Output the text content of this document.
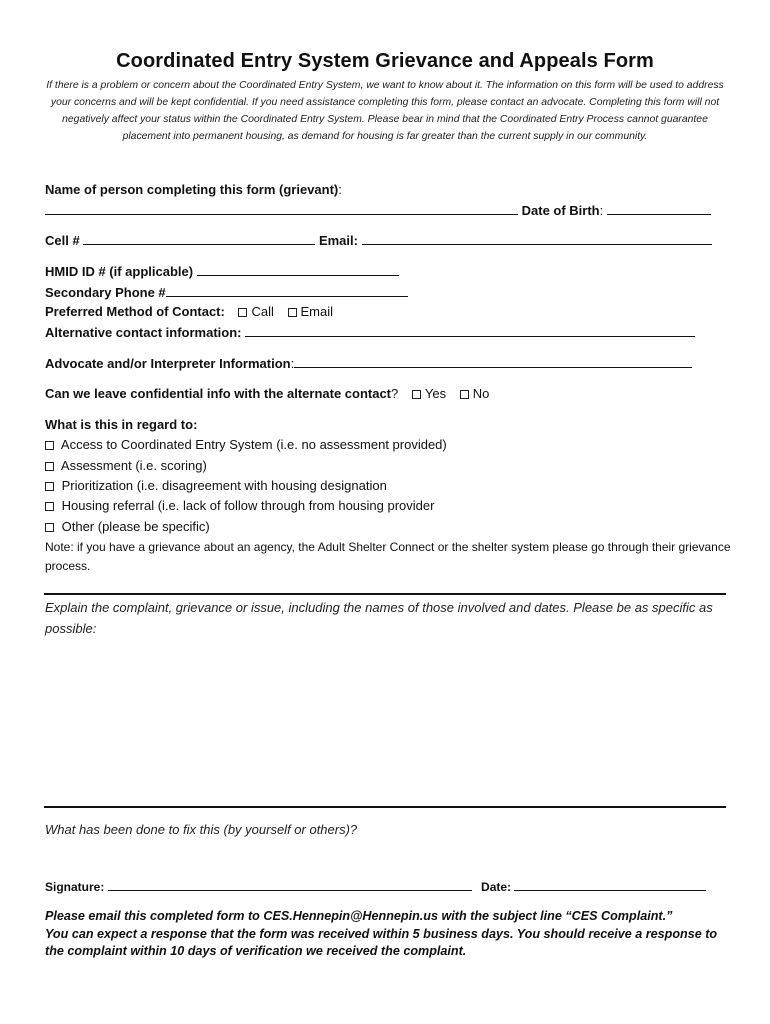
Coordinated Entry System Grievance and Appeals Form
If there is a problem or concern about the Coordinated Entry System, we want to know about it. The information on this form will be used to address your concerns and will be kept confidential. If you need assistance completing this form, please contact an advocate. Completing this form will not negatively affect your status within the Coordinated Entry System. Please bear in mind that the Coordinated Entry Process cannot guarantee placement into permanent housing, as demand for housing is far greater than the current supply in our community.
Name of person completing this form (grievant):
Date of Birth:
Cell #	Email:
HMID ID # (if applicable)
Secondary Phone #
Preferred Method of Contact: Call Email
Alternative contact information:
Advocate and/or Interpreter Information:
Can we leave confidential info with the alternate contact? Yes No
What is this in regard to:
Access to Coordinated Entry System (i.e. no assessment provided)
Assessment (i.e. scoring)
Prioritization (i.e. disagreement with housing designation
Housing referral (i.e. lack of follow through from housing provider
Other (please be specific)
Note: if you have a grievance about an agency, the Adult Shelter Connect or the shelter system please go through their grievance process.
Explain the complaint, grievance or issue, including the names of those involved and dates. Please be as specific as possible:
What has been done to fix this (by yourself or others)?
Signature:	Date:
Please email this completed form to CES.Hennepin@Hennepin.us with the subject line “CES Complaint.”
You can expect a response that the form was received within 5 business days. You should receive a response to the complaint within 10 days of verification we received the complaint.
